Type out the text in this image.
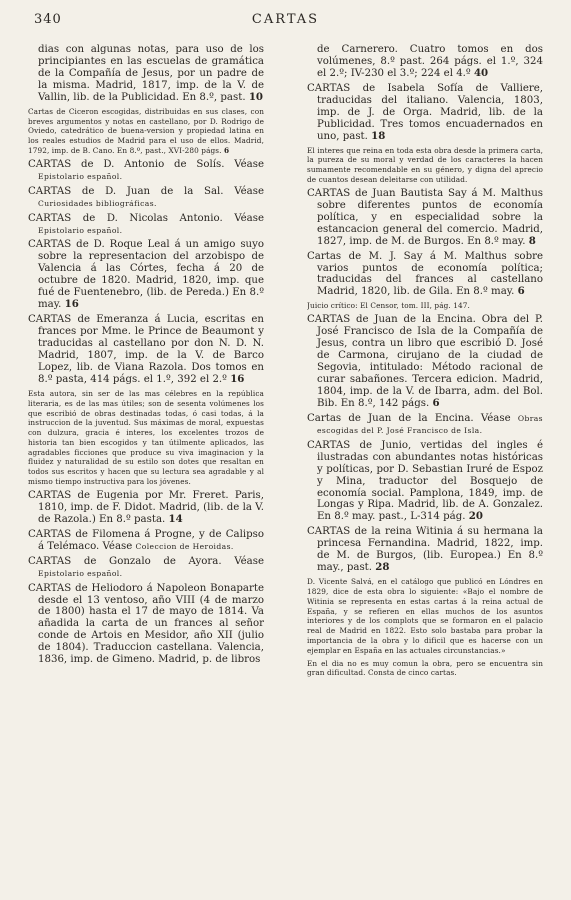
340	CARTAS

dias con algunas notas, para uso de los principiantes en las escuelas de gramática de la Compañía de Jesus, por un padre de la misma. Madrid, 1817, imp. de la V. de Vallin, lib. de la Publicidad. En 8.º, past. 10

Cartas de Ciceron escogidas, distribuidas en sus clases, con breves argumentos y notas en castellano, por D. Rodrigo de Oviedo, catedrático de buena-version y propiedad latina en los reales estudios de Madrid para el uso de ellos. Madrid, 1792, imp. de B. Cano. En 8.º, past., XVI-280 págs. 6

CARTAS de D. Antonio de Solís. Véase Epistolario español.

CARTAS de D. Juan de la Sal. Véase Curiosidades bibliográficas.

CARTAS de D. Nicolas Antonio. Véase Epistolario español.

CARTAS de D. Roque Leal á un amigo suyo sobre la representacion del arzobispo de Valencia á las Córtes, fecha á 20 de octubre de 1820. Madrid, 1820, imp. que fué de Fuentenebro, (lib. de Pereda.) En 8.º may. 16

CARTAS de Emeranza á Lucia, escritas en frances por Mme. le Prince de Beaumont y traducidas al castellano por don N. D. N. Madrid, 1807, imp. de la V. de Barco Lopez, lib. de Viana Razola. Dos tomos en 8.º pasta, 414 págs. el 1.º, 392 el 2.º 16

Esta autora, sin ser de las mas célebres en la república literaria, es de las mas útiles; son de sesenta volúmenes los que escribió de obras destinadas todas, ó casi todas, á la instruccion de la juventud. Sus máximas de moral, expuestas con dulzura, gracia é interes, los excelentes trozos de historia tan bien escogidos y tan útilmente aplicados, las agradables ficciones que produce su viva imaginacion y la fluidez y naturalidad de su estilo son dotes que resaltan en todos sus escritos y hacen que su lectura sea agradable y al mismo tiempo instructiva para los jóvenes.

CARTAS de Eugenia por Mr. Freret. Paris, 1810, imp. de F. Didot. Madrid, (lib. de la V. de Razola.) En 8.º pasta. 14

CARTAS de Filomena á Progne, y de Calipso á Telémaco. Véase Coleccion de Heroidas.

CARTAS de Gonzalo de Ayora. Véase Epistolario español.

CARTAS de Heliodoro á Napoleon Bonaparte desde el 13 ventoso, año VIII (4 de marzo de 1800) hasta el 17 de mayo de 1814. Va añadida la carta de un frances al señor conde de Artois en Mesidor, año XII (julio de 1804). Traduccion castellana. Valencia, 1836, imp. de Gimeno. Madrid, p. de libros

de Carnerero. Cuatro tomos en dos volúmenes, 8.º past. 264 págs. el 1.º, 324 el 2.º; IV-230 el 3.º; 224 el 4.º 40

CARTAS de Isabela Sofía de Valliere, traducidas del italiano. Valencia, 1803, imp. de J. de Orga. Madrid, lib. de la Publicidad. Tres tomos encuadernados en uno, past. 18

El interes que reina en toda esta obra desde la primera carta, la pureza de su moral y verdad de los caracteres la hacen sumamente recomendable en su género, y digna del aprecio de cuantos desean deleitarse con utilidad.

CARTAS de Juan Bautista Say á M. Malthus sobre diferentes puntos de economía política, y en especialidad sobre la estancacion general del comercio. Madrid, 1827, imp. de M. de Burgos. En 8.º may. 8

Cartas de M. J. Say á M. Malthus sobre varios puntos de economía política; traducidas del frances al castellano Madrid, 1820, lib. de Gila. En 8.º may. 6

Juicio crítico: El Censor, tom. III, pág. 147.

CARTAS de Juan de la Encina. Obra del P. José Francisco de Isla de la Compañía de Jesus, contra un libro que escribió D. José de Carmona, cirujano de la ciudad de Segovia, intitulado: Método racional de curar sabañones. Tercera edicion. Madrid, 1804, imp. de la V. de Ibarra, adm. del Bol. Bib. En 8.º, 142 págs. 6

Cartas de Juan de la Encina. Véase Obras escogidas del P. José Francisco de Isla.

CARTAS de Junio, vertidas del ingles é ilustradas con abundantes notas históricas y políticas, por D. Sebastian Iruré de Espoz y Mina, traductor del Bosquejo de economía social. Pamplona, 1849, imp. de Longas y Ripa. Madrid, lib. de A. Gonzalez. En 8.º may. past., L-314 pág. 20

CARTAS de la reina Witinia á su hermana la princesa Fernandina. Madrid, 1822, imp. de M. de Burgos, (lib. Europea.) En 8.º may., past. 28

D. Vicente Salvá, en el catálogo que publicó en Lóndres en 1829, dice de esta obra lo siguiente: «Bajo el nombre de Witinia se representa en estas cartas á la reina actual de España, y se refieren en ellas muchos de los asuntos interiores y de los complots que se formaron en el palacio real de Madrid en 1822. Esto solo bastaba para probar la importancia de la obra y lo dificil que es hacerse con un ejemplar en España en las actuales circunstancias.»

En el dia no es muy comun la obra, pero se encuentra sin gran dificultad. Consta de cinco cartas.
